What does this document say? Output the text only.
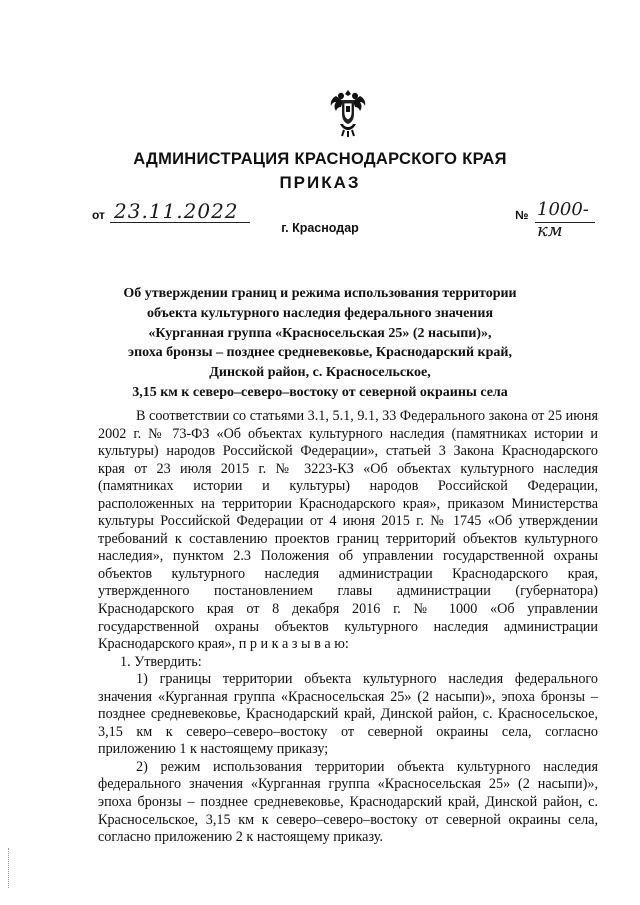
АДМИНИСТРАЦИЯ КРАСНОДАРСКОГО КРАЯ
ПРИКАЗ
от 23.11.2022
г. Краснодар
№ 1000-км
Об утверждении границ и режима использования территории
объекта культурного наследия федерального значения
«Курганная группа «Красносельская 25» (2 насыпи)»,
эпоха бронзы – позднее средневековье, Краснодарский край,
Динской район, с. Красносельское,
3,15 км к северо–северо–востоку от северной окраины села

В соответствии со статьями 3.1, 5.1, 9.1, 33 Федерального закона от 25 июня 2002 г. № 73-ФЗ «Об объектах культурного наследия (памятниках истории и культуры) народов Российской Федерации», статьей 3 Закона Краснодарского края от 23 июля 2015 г. № 3223-КЗ «Об объектах культурного наследия (памятниках истории и культуры) народов Российской Федерации, расположенных на территории Краснодарского края», приказом Министерства культуры Российской Федерации от 4 июня 2015 г. № 1745 «Об утверждении требований к составлению проектов границ территорий объектов культурного наследия», пунктом 2.3 Положения об управлении государственной охраны объектов культурного наследия администрации Краснодарского края, утвержденного постановлением главы администрации (губернатора) Краснодарского края от 8 декабря 2016 г. № 1000 «Об управлении государственной охраны объектов культурного наследия администрации Краснодарского края», п р и к а з ы в а ю:

1. Утвердить:

1) границы территории объекта культурного наследия федерального значения «Курганная группа «Красносельская 25» (2 насыпи)», эпоха бронзы – позднее средневековье, Краснодарский край, Динской район, с. Красносельское, 3,15 км к северо–северо–востоку от северной окраины села, согласно приложению 1 к настоящему приказу;

2) режим использования территории объекта культурного наследия федерального значения «Курганная группа «Красносельская 25» (2 насыпи)», эпоха бронзы – позднее средневековье, Краснодарский край, Динской район, с. Красносельское, 3,15 км к северо–северо–востоку от северной окраины села, согласно приложению 2 к настоящему приказу.
